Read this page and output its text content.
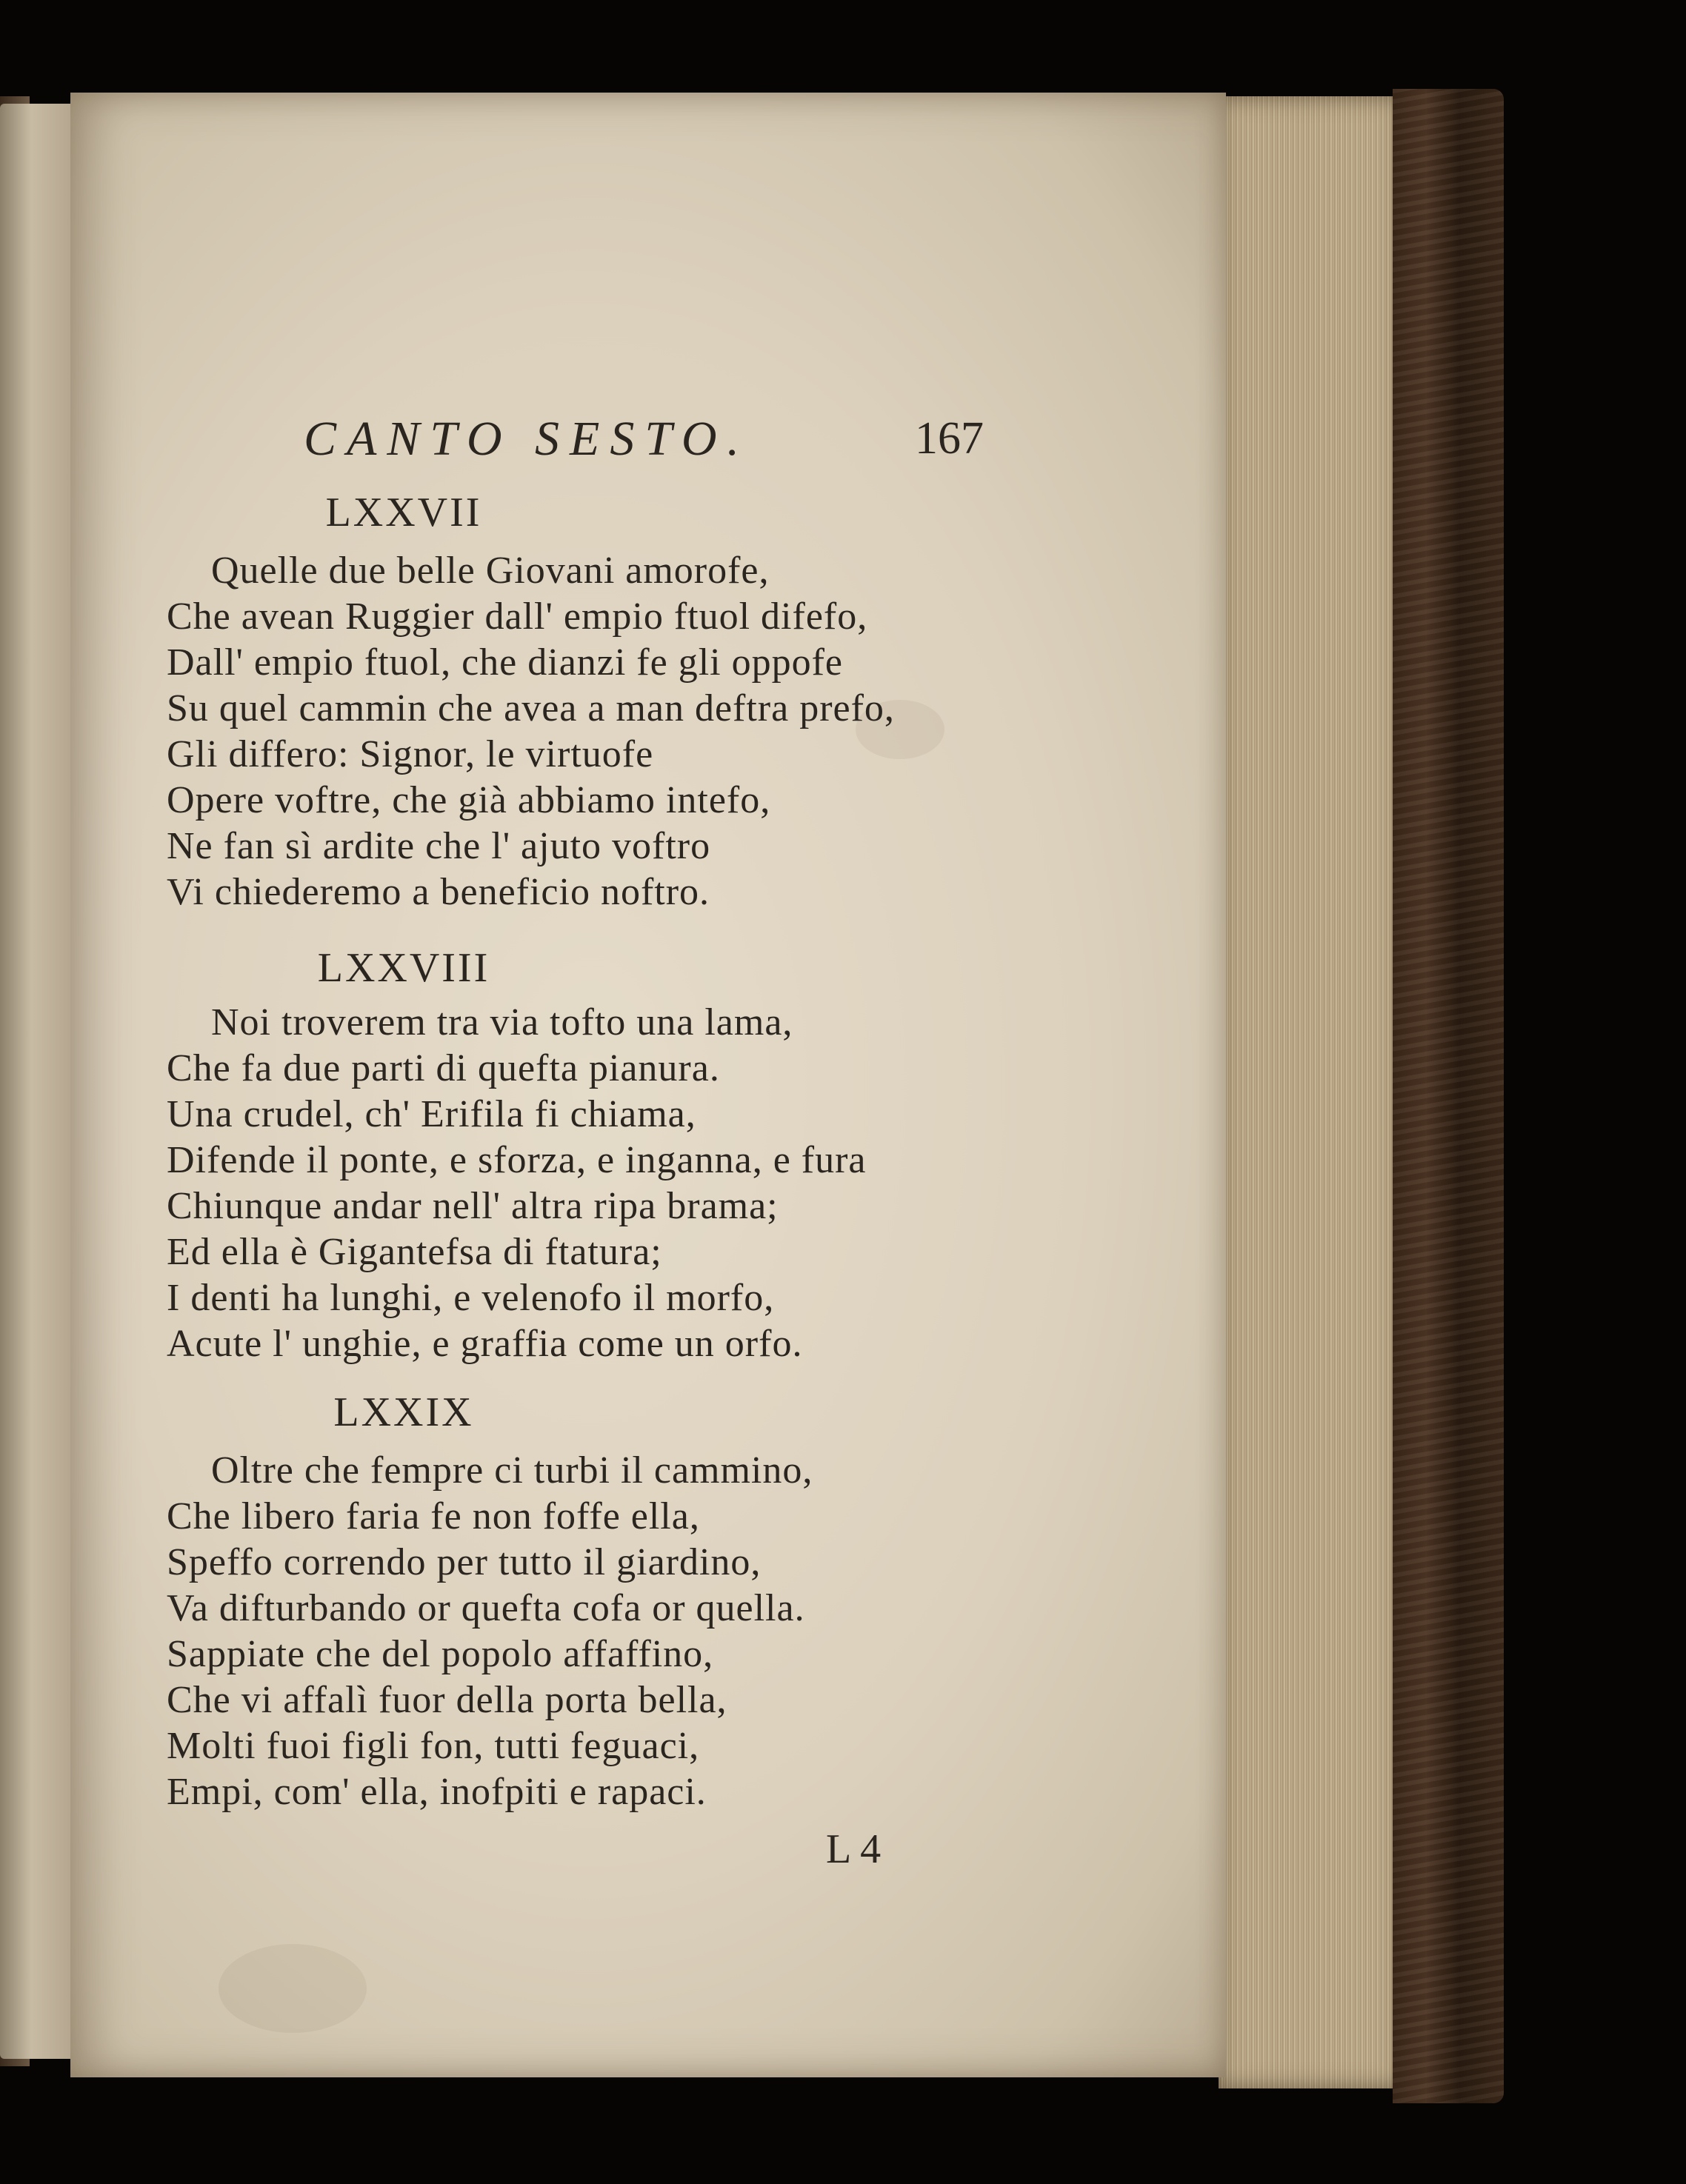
CANTO SESTO.	167
LXXVII
Quelle due belle Giovani amorofe,
Che avean Ruggier dall' empio ftuol difefo,
Dall' empio ftuol, che dianzi fe gli oppofe
Su quel cammin che avea a man deftra prefo,
Gli differo: Signor, le virtuofe
Opere voftre, che già abbiamo intefo,
Ne fan sì ardite che l' ajuto voftro
Vi chiederemo a beneficio noftro.
LXXVIII
Noi troverem tra via tofto una lama,
Che fa due parti di quefta pianura.
Una crudel, ch' Erifila fi chiama,
Difende il ponte, e sforza, e inganna, e fura
Chiunque andar nell' altra ripa brama;
Ed ella è Gigantefsa di ftatura;
I denti ha lunghi, e velenofo il morfo,
Acute l' unghie, e graffia come un orfo.
LXXIX
Oltre che fempre ci turbi il cammino,
Che libero faria fe non foffe ella,
Speffo correndo per tutto il giardino,
Va difturbando or quefta cofa or quella.
Sappiate che del popolo affaffino,
Che vi affalì fuor della porta bella,
Molti fuoi figli fon, tutti feguaci,
Empi, com' ella, inofpiti e rapaci.
L 4
